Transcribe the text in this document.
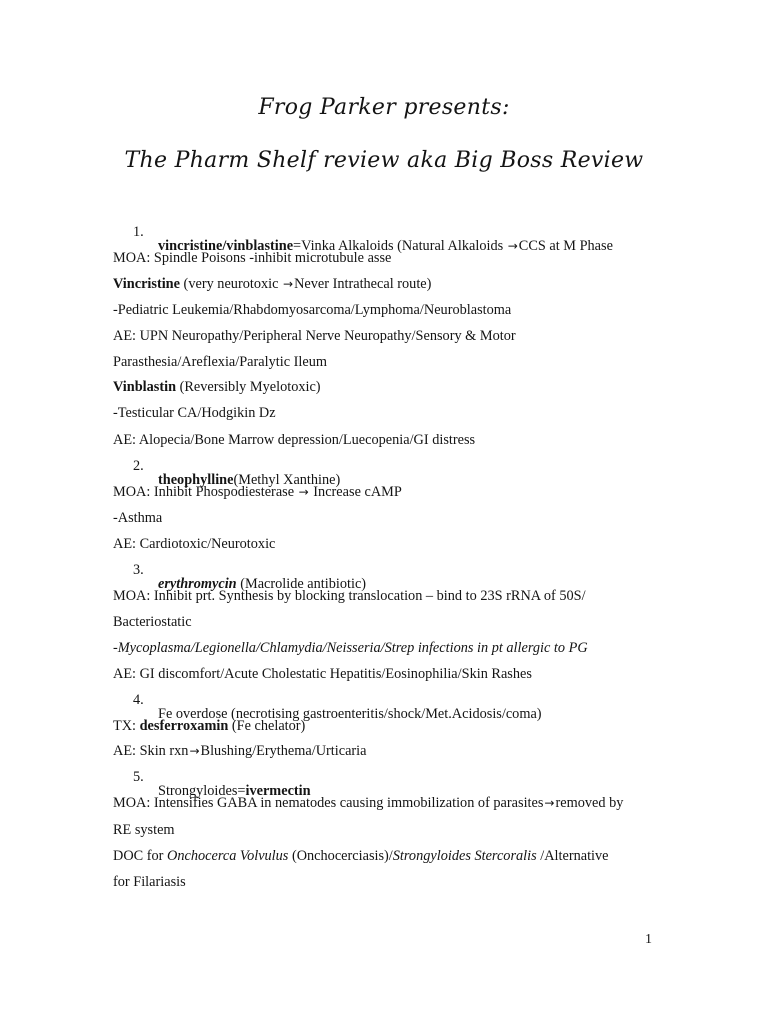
Frog Parker presents:
The Pharm Shelf review aka Big Boss Review
1.

vincristine/vinblastine=Vinka Alkaloids (Natural Alkaloids →CCS at M Phase

MOA: Spindle Poisons -inhibit microtubule asse

Vincristine (very neurotoxic →Never Intrathecal route)

-Pediatric Leukemia/Rhabdomyosarcoma/Lymphoma/Neuroblastoma

AE: UPN Neuropathy/Peripheral Nerve Neuropathy/Sensory & Motor

Parasthesia/Areflexia/Paralytic Ileum

Vinblastin (Reversibly Myelotoxic)

-Testicular CA/Hodgikin Dz

AE: Alopecia/Bone Marrow depression/Luecopenia/GI distress

2.

theophylline(Methyl Xanthine)

MOA: Inhibit Phospodiesterase → Increase cAMP

-Asthma

AE: Cardiotoxic/Neurotoxic

3.

erythromycin (Macrolide antibiotic)

MOA: Inhibit prt. Synthesis by blocking translocation – bind to 23S rRNA of 50S/

Bacteriostatic

-Mycoplasma/Legionella/Chlamydia/Neisseria/Strep infections in pt allergic to PG

AE: GI discomfort/Acute Cholestatic Hepatitis/Eosinophilia/Skin Rashes

4.

Fe overdose (necrotising gastroenteritis/shock/Met.Acidosis/coma)

TX: desferroxamin (Fe chelator)

AE: Skin rxn→Blushing/Erythema/Urticaria

5.

Strongyloides=ivermectin

MOA: Intensifies GABA in nematodes causing immobilization of parasites→removed by

RE system

DOC for Onchocerca Volvulus (Onchocerciasis)/Strongyloides Stercoralis /Alternative

for Filariasis

1
